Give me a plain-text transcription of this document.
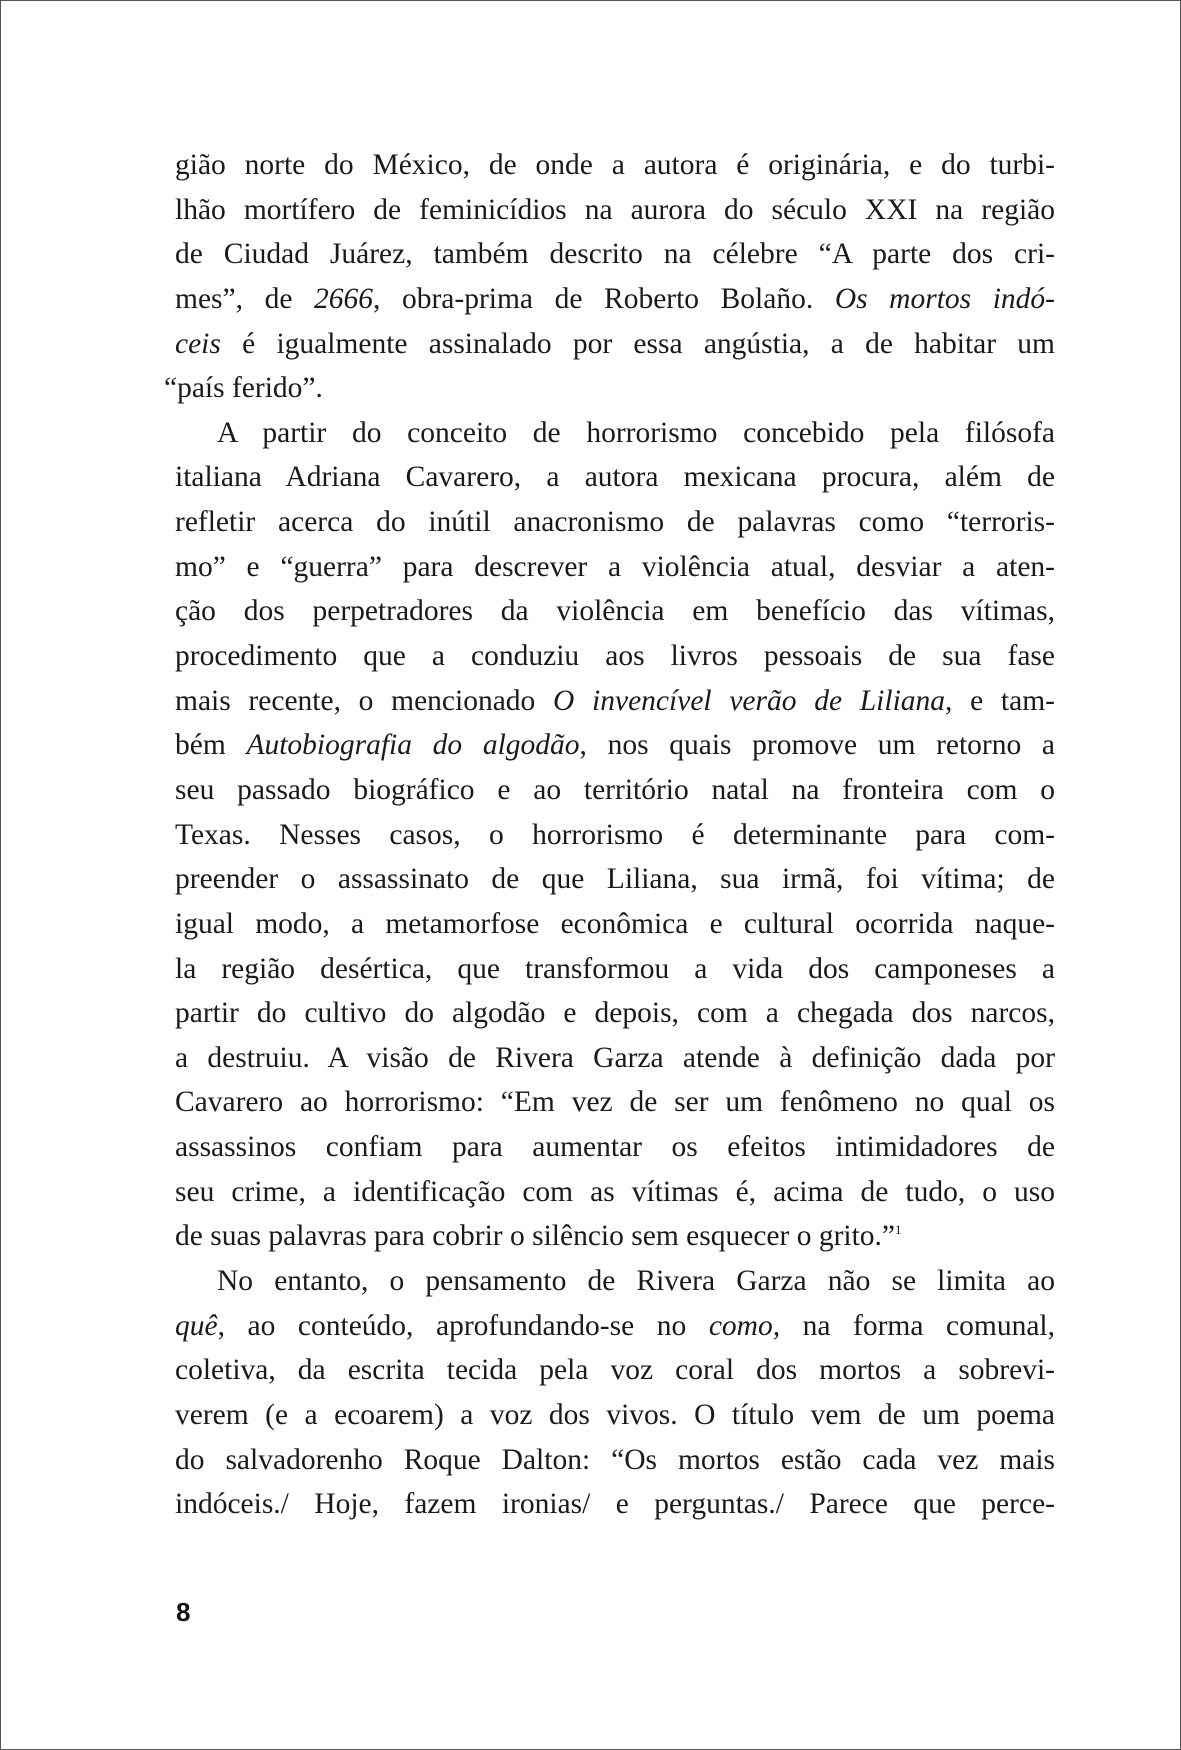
gião norte do México, de onde a autora é originária, e do turbi-
lhão mortífero de feminicídios na aurora do século XXI na região
de Ciudad Juárez, também descrito na célebre “A parte dos cri-
mes”, de 2666, obra-prima de Roberto Bolaño. Os mortos indó-
ceis é igualmente assinalado por essa angústia, a de habitar um
“país ferido”.
A partir do conceito de horrorismo concebido pela filósofa
italiana Adriana Cavarero, a autora mexicana procura, além de
refletir acerca do inútil anacronismo de palavras como “terroris-
mo” e “guerra” para descrever a violência atual, desviar a aten-
ção dos perpetradores da violência em benefício das vítimas,
procedimento que a conduziu aos livros pessoais de sua fase
mais recente, o mencionado O invencível verão de Liliana, e tam-
bém Autobiografia do algodão, nos quais promove um retorno a
seu passado biográfico e ao território natal na fronteira com o
Texas. Nesses casos, o horrorismo é determinante para com-
preender o assassinato de que Liliana, sua irmã, foi vítima; de
igual modo, a metamorfose econômica e cultural ocorrida naque-
la região desértica, que transformou a vida dos camponeses a
partir do cultivo do algodão e depois, com a chegada dos narcos,
a destruiu. A visão de Rivera Garza atende à definição dada por
Cavarero ao horrorismo: “Em vez de ser um fenômeno no qual os
assassinos confiam para aumentar os efeitos intimidadores de
seu crime, a identificação com as vítimas é, acima de tudo, o uso
de suas palavras para cobrir o silêncio sem esquecer o grito.”$^1$
No entanto, o pensamento de Rivera Garza não se limita ao
quê, ao conteúdo, aprofundando-se no como, na forma comunal,
coletiva, da escrita tecida pela voz coral dos mortos a sobrevi-
verem (e a ecoarem) a voz dos vivos. O título vem de um poema
do salvadorenho Roque Dalton: “Os mortos estão cada vez mais
indóceis./ Hoje, fazem ironias/ e perguntas./ Parece que perce-
8
